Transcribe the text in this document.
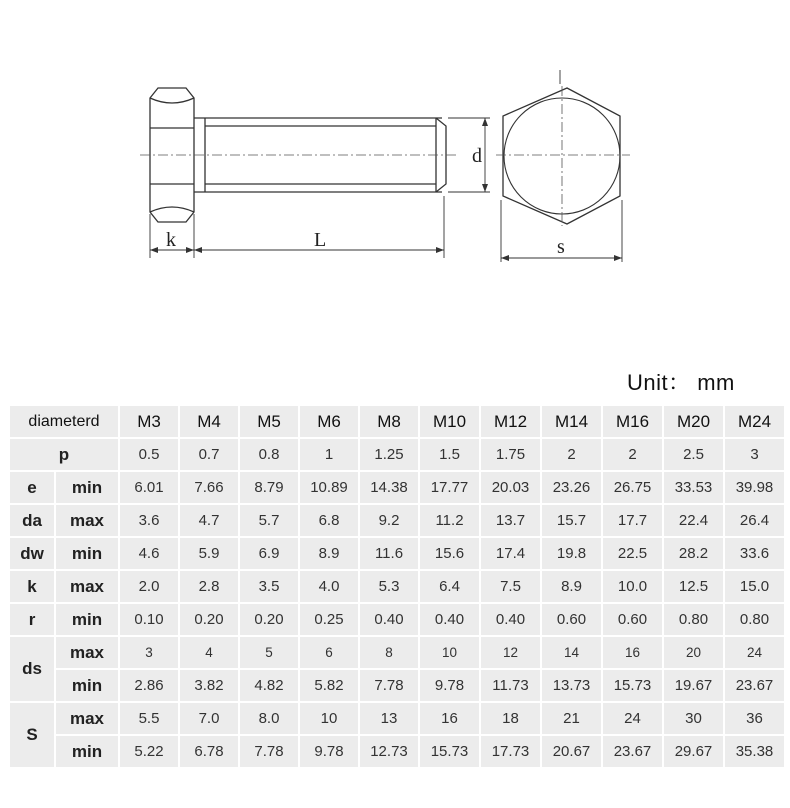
k	L
d
s
Unit： mm
diameterd		M3	M4	M5	M6	M8	M10	M12	M14	M16	M20	M24
p		0.5	0.7	0.8	1	1.25	1.5	1.75	2	2	2.5	3
e	min	6.01	7.66	8.79	10.89	14.38	17.77	20.03	23.26	26.75	33.53	39.98
da	max	3.6	4.7	5.7	6.8	9.2	11.2	13.7	15.7	17.7	22.4	26.4
dw	min	4.6	5.9	6.9	8.9	11.6	15.6	17.4	19.8	22.5	28.2	33.6
k	max	2.0	2.8	3.5	4.0	5.3	6.4	7.5	8.9	10.0	12.5	15.0
r	min	0.10	0.20	0.20	0.25	0.40	0.40	0.40	0.60	0.60	0.80	0.80
ds	max	3	4	5	6	8	10	12	14	16	20	24
	min	2.86	3.82	4.82	5.82	7.78	9.78	11.73	13.73	15.73	19.67	23.67
S	max	5.5	7.0	8.0	10	13	16	18	21	24	30	36
	min	5.22	6.78	7.78	9.78	12.73	15.73	17.73	20.67	23.67	29.67	35.38
